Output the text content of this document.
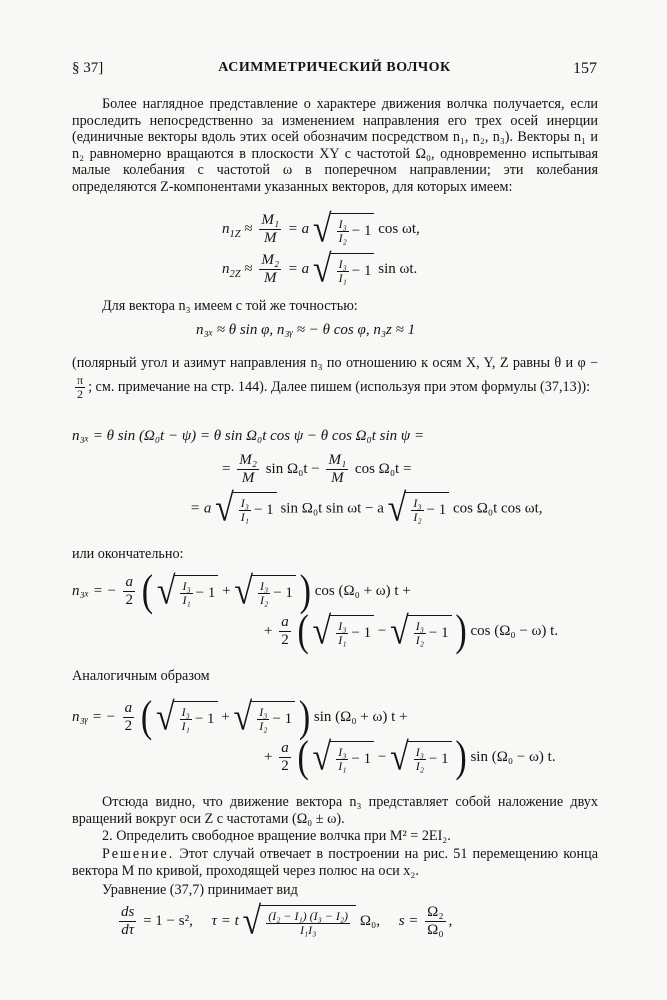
§ 37]	АСИММЕТРИЧЕСКИЙ ВОЛЧОК	157
Более наглядное представление о характере движения волчка получается, если проследить непосредственно за изменением направления его трех осей инерции (единичные векторы вдоль этих осей обозначим посредством n₁, n₂, n₃). Векторы n₁ и n₂ равномерно вращаются в плоскости XY с частотой Ω₀, одновременно испытывая малые колебания с частотой ω в поперечном направлении; эти колебания определяются Z-компонентами указанных векторов, для которых имеем:
$n_{1Z} \approx \frac{\text{M₁}}{M} = a$ √ $\frac{\text{I₃}}{\text{I₂}} - 1$ cos ωt,
$n_{2Z} \approx \frac{\text{M₂}}{M} = a$ √ $\frac{\text{I₃}}{\text{I₁}} - 1$ sin ωt.
Для вектора n₃ имеем с той же точностью:
n₃ₓ ≈ θ sin φ, n₃ᵧ ≈ − θ cos φ, n₃z ≈ 1
(полярный угол и азимут направления n₃ по отношению к осям X, Y, Z равны θ и φ −
$\frac{\pi}{2}$ ; см. примечание на стр. 144). Далее пишем (используя при этом формулы (37,13)):
n₃ₓ = θ sin (Ω₀t − ψ) = θ sin Ω₀t cos ψ − θ cos Ω₀t sin ψ =
= $\frac{\text{M₂}}{M}$ $\sin \Omega_0t - \frac{\text{M₁}}{M}$ cos Ω₀t =
= a √ $\frac{\text{I₃}}{\text{I₁}} - 1$ sin Ω₀t sin ωt − a √ $\frac{\text{I₃}}{\text{I₂}} - 1$ cos Ω₀t cos ωt,
или окончательно:
n₃ₓ = − $\frac{a}{2}$ ( √ $\frac{\text{I₃}}{\text{I₁}} - 1$ + √ $\frac{\text{I₃}}{\text{I₂}} - 1$ ) cos (Ω₀ + ω) t +
+ $\frac{a}{2}$ ( √ $\frac{\text{I₃}}{\text{I₁}} - 1$ − √ $\frac{\text{I₃}}{\text{I₂}} - 1$ ) cos (Ω₀ − ω) t.
Аналогичным образом
n₃ᵧ = − $\frac{a}{2}$ ( √ $\frac{\text{I₃}}{\text{I₁}} - 1$ + √ $\frac{\text{I₃}}{\text{I₂}} - 1$ ) sin (Ω₀ + ω) t +
+ $\frac{a}{2}$ ( √ $\frac{\text{I₃}}{\text{I₁}} - 1$ − √ $\frac{\text{I₃}}{\text{I₂}} - 1$ ) sin (Ω₀ − ω) t.
Отсюда видно, что движение вектора n₃ представляет собой наложение двух вращений вокруг оси Z с частотами (Ω₀ ± ω).
2. Определить свободное вращение волчка при M² = 2EI₂.
Решение. Этот случай отвечает в построении на рис. 51 перемещению конца вектора M по кривой, проходящей через полюс на оси x₂.
Уравнение (37,7) принимает вид
$\frac{ds}{d\tau} = 1 - s^2$, τ = t √ $\frac{\text{(I₂ − I₁) (I₃ − I₂)}}{\text{I₁I₃}} \Omega_0$, $s = \frac{\text{Ω₂}}{\text{Ω₀}}$ ,
